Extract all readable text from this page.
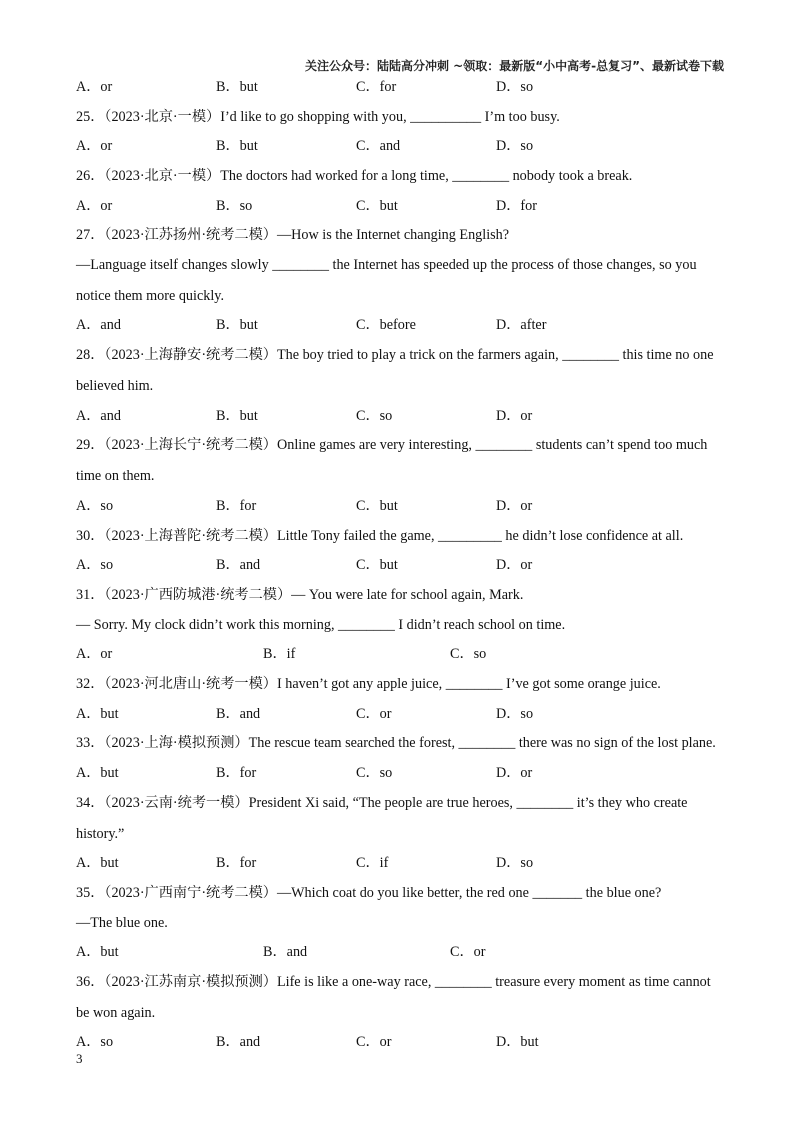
关注公众号：陆陆高分冲刺 ~领取：最新版“小中高考-总复习”、最新试卷下载
A．or	B．but	C．for	D．so
25．（2023·北京·一模）I’d like to go shopping with you, __________ I’m too busy.
A．or	B．but	C．and	D．so
26．（2023·北京·一模）The doctors had worked for a long time, ________ nobody took a break.
A．or	B．so	C．but	D．for
27．（2023·江苏扬州·统考二模）—How is the Internet changing English?
—Language itself changes slowly ________ the Internet has speeded up the process of those changes, so you
notice them more quickly.
A．and	B．but	C．before	D．after
28．（2023·上海静安·统考二模）The boy tried to play a trick on the farmers again, ________ this time no one
believed him.
A．and	B．but	C．so	D．or
29．（2023·上海长宁·统考二模）Online games are very interesting, ________ students can’t spend too much
time on them.
A．so	B．for	C．but	D．or
30．（2023·上海普陀·统考二模）Little Tony failed the game, _________ he didn’t lose confidence at all.
A．so	B．and	C．but	D．or
31．（2023·广西防城港·统考二模）— You were late for school again, Mark.
— Sorry. My clock didn’t work this morning, ________ I didn’t reach school on time.
A．or	B．if	C．so
32．（2023·河北唐山·统考一模）I haven’t got any apple juice, ________ I’ve got some orange juice.
A．but	B．and	C．or	D．so
33．（2023·上海·模拟预测）The rescue team searched the forest, ________ there was no sign of the lost plane.
A．but	B．for	C．so	D．or
34．（2023·云南·统考一模）President Xi said, “The people are true heroes, ________ it’s they who create
history.”
A．but	B．for	C．if	D．so
35．（2023·广西南宁·统考二模）—Which coat do you like better, the red one _______ the blue one?
—The blue one.
A．but	B．and	C．or
36．（2023·江苏南京·模拟预测）Life is like a one-way race, ________ treasure every moment as time cannot
be won again.
A．so	B．and	C．or	D．but
3
